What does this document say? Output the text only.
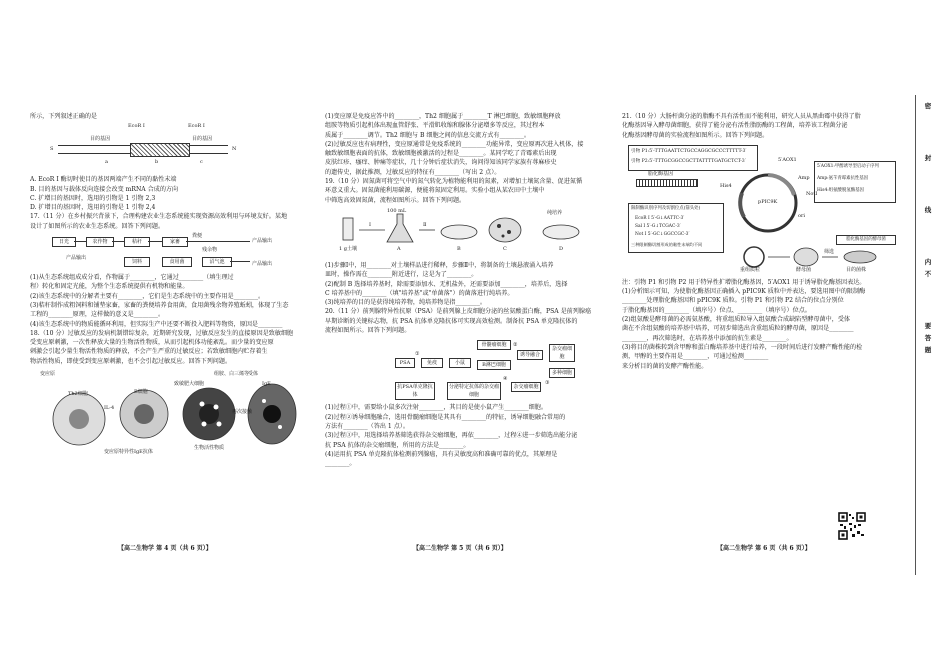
所示，下列叙述正确的是

EcoR Ⅰ	EcoR Ⅰ
S	N
目的基因	目的基因
a	b	c

A. EcoR Ⅰ 酶切时使目的基因两端产生不同的黏性末端

B. 目的基因与载体反向连接会改变 mRNA 合成的方向

C. 扩增目的基因时，选用的引物是 1 引物 2,3

D. 扩增目的基因时，选用的引物是 1 引物 2,4

17.（11 分）在乡村振兴背景下，合理构建农业生态系统能实现资源高效利用与环境友好。某地

设计了如图所示的农业生态系统。回答下列问题。

日光	农作物	秸秆	家畜
饲料	沼气池
食用菌
产品输出
产品输出
残余物
粪便
产品输出

(1)从生态系统组成成分看，作物属于________，它通过________（填生理过

程）转化和固定光能，为整个生态系统提供有机物和能量。

(2)该生态系统中的分解者主要有________，它们是生态系统中的主要作用是________。

(3)秸秆制作成粗饲料和铺垫家畜，家畜的粪便培养食用菌，食用菌残余物养殖蚯蚓，体现了生态

工程的________原理，这样做的意义是________。

(4)该生态系统中的物质能循环利用，但实际生产中还要不断投入肥料等物资，原因是________

18.（10 分）过敏反应的发病机制错综复杂，近期研究发现，过敏反应发生的直接原因是致敏细胞

受变应原刺激，一次性释放大量的生物活性物质，从而引起机体功能紊乱。而少量的变应原

刺激会引起少量生物活性物质的释放，不会产生严重的过敏反应；若致敏细胞内贮存着生

物活性物质，即使受到变应原刺激，也不会引起过敏反应。回答下列问题。

变应原	组胺、白三烯等
致敏肥大细胞	IgE
受体
生物活性物质
变应原特异性IgE抗体
B细胞
Th2细胞
IL-4
再次接触

(1)变应原是免疫应答中的________，Th2 细胞属于________T 淋巴细胞，致敏细胞释放

组胺等物质引起机体出现血管舒张、平滑肌收缩和腺体分泌增多等反应，其过程本

质属于________调节。Th2 细胞与 B 细胞之间的信息交流方式有________。

(2)过敏反应也有病理性，变应原通常是免疫系统的________功能异常，变应原再次进入机体，接

触致敏细胞表面的抗体，致敏细胞被激活的过程是________。某同学吃了青霉素后出现

皮肤红疹、瘙痒、肿痛等症状，几十分钟后症状消失，询问得知该同学家族有荨麻疹史

的遗传史，据此推测，过敏反应的特征有________（写出 2 点）。

19.（10 分）固氮菌可将空气中的氮气转化为植物能利用的氮素，对增加土壤氮含量、促进氮循

环意义重大。固氮菌能利用碳源，便能将氮固定利用。实验小组从某农田中土壤中

中筛选高效固氮菌，流程如图所示。回答下列问题。

1 g土壤
Ⅰ	Ⅱ
A	B	C	D
100 mL	纯培养

(1)步骤Ⅰ中，用________对土壤样品进行稀释，步骤Ⅱ中，将制备的土壤悬液涌入培养

皿时，操作需在________附近进行，这是为了________。

(2)配制 B 选择培养基时，除需要添加水、无机盐外，还需要添加________，培养后，选择

C 培养基中的________（填"培养基"或"单菌落"）的菌落进行纯培养。

(3)纯培养的目的是获得纯培养物，纯培养物是指________。

20.（11 分）前列腺特异性抗原（PSA）是前列腺上皮细胞分泌的丝氨酸蛋白酶，PSA 是前列腺癌

早期诊断的关键标志物，抗 PSA 抗体单克隆抗体可实现高效检测。制备抗 PSA 单克隆抗体的

流程如图所示。回答下列问题。

PSA	免疫	小鼠
骨髓瘤细胞
B淋巴细胞
诱导融合
杂交瘤细胞
抗PSA单克隆抗体
分泌特定抗体的杂交瘤细胞
杂交瘤细胞
多种细胞
①
②
③
④

(1)过程①中，需要给小鼠多次注射________，其目的是使小鼠产生________细胞。

(2)过程②诱导细胞融合，选用骨髓瘤细胞是其具有________的特征，诱导细胞融合常用的

方法有________（答出 1 点）。

(3)过程③中，用选择培养基筛选获得杂交瘤细胞，再依________，过程④进一步筛选出能分泌

抗 PSA 抗体的杂交瘤细胞，所用的方法是________。

(4)运用抗 PSA 单克隆抗体检测前列腺癌，具有灵敏度高和准确可靠的优点，其原理是

________。

21.（10 分）大肠杆菌分泌的脂酶不具有活性而不能利用，研究人员从黑曲霉中获得了脂

化酶基因导入酵母菌细胞，获得了能分泌有活性脂肪酶的工程菌，培养该工程菌分泌

化酶基因酵母菌的实验流程如图所示。回答下列问题。

引物 P1:5′-TTTGAATTCTGCCAGGCGCCCTTTTT-3′
引物 P2:5′-TTTGCGGCCGCTTATTTTGATGCTCT-3′
脂化酶基因
pPIC9K
5′AOX1
Amp
His4
ori
NotⅠ
5′AOX1:甲醇诱导型启动子序列
Amp:氨苄青霉素抗性基因
His4:组氨酸脱氢酶基因
限制酶识别序列及切割位点(箭头处)
EcoR Ⅰ 5′-G↓AATTC-3′
Sal Ⅰ 5′-G↓TCGAC-3′
Not Ⅰ 5′-GC↓GGCCGC-3′
三种限制酶切割形成的黏性末端均不同
重组质粒	酵母菌
筛选
目的菌株
脂化酶基因的酵母菌

注：引物 P1 和引物 P2 用于特异性扩增脂化酶基因，5′AOX1 用于诱导脂化酶基因表达。

(1)分析图示可知，为使脂化酶基因正确插入 pPIC9K 质粒中并表达，要选用图中的限制酶

________处理脂化酶基因和 pPIC9K 质粒。引物 P1 和引物 P2 结合的位点分别位

于脂化酶基因的________（填序号）位点、________（填序号）位点。

(2)组氨酸是酵母菌的必需氨基酸，将重组质粒导入组氨酸合成缺陷型酵母菌中，受体

菌在不含组氨酸的培养基中培养，可初步筛选出含重组质粒的酵母菌，原因是________

________，再次筛选时，在培养基中添加的抗生素是________。

(3)将目的菌株转到含甲醇和蛋白酶培养基中进行培养，一段时间后进行发酵产酶性能的检

测，甲醇的主要作用是________，可通过检测________

来分析目的菌的发酵产酶性能。

【高二生物学 第 4 页（共 6 页）】	【高二生物学 第 5 页（共 6 页）】	【高二生物学 第 6 页（共 6 页）】
密
封
线
内
不
要
答
题
